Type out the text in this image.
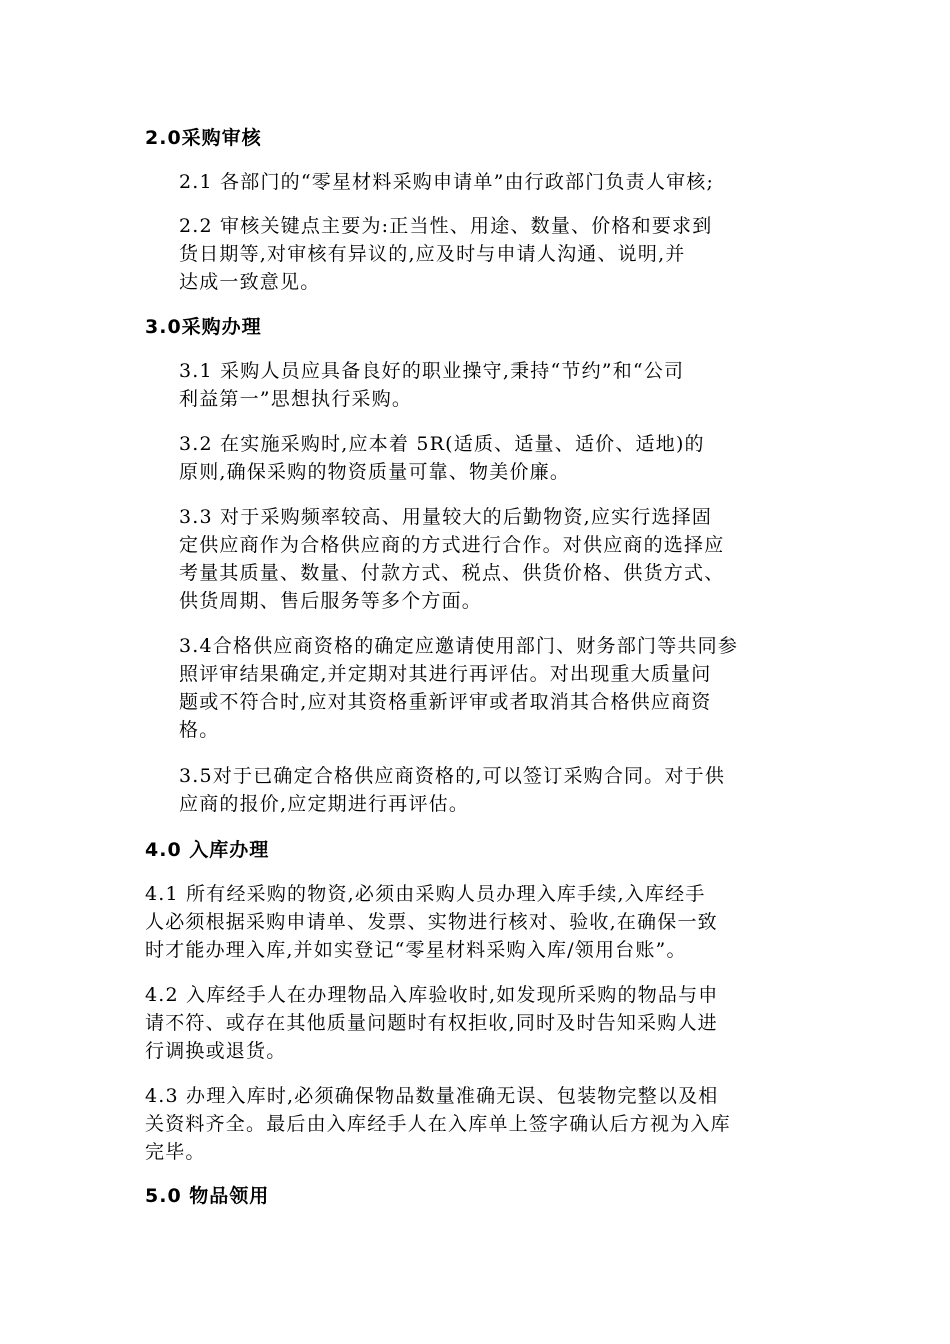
2.0采购审核
2.1 各部门的“零星材料采购申请单”由行政部门负责人审核;
2.2 审核关键点主要为:正当性、用途、数量、价格和要求到
货日期等,对审核有异议的,应及时与申请人沟通、说明,并
达成一致意见。
3.0采购办理
3.1 采购人员应具备良好的职业操守,秉持“节约”和“公司
利益第一”思想执行采购。
3.2 在实施采购时,应本着 5R(适质、适量、适价、适地)的
原则,确保采购的物资质量可靠、物美价廉。
3.3 对于采购频率较高、用量较大的后勤物资,应实行选择固
定供应商作为合格供应商的方式进行合作。对供应商的选择应
考量其质量、数量、付款方式、税点、供货价格、供货方式、
供货周期、售后服务等多个方面。
3.4合格供应商资格的确定应邀请使用部门、财务部门等共同参
照评审结果确定,并定期对其进行再评估。对出现重大质量问
题或不符合时,应对其资格重新评审或者取消其合格供应商资
格。
3.5对于已确定合格供应商资格的,可以签订采购合同。对于供
应商的报价,应定期进行再评估。
4.0 入库办理
4.1 所有经采购的物资,必须由采购人员办理入库手续,入库经手
人必须根据采购申请单、发票、实物进行核对、验收,在确保一致
时才能办理入库,并如实登记“零星材料采购入库/领用台账”。
4.2 入库经手人在办理物品入库验收时,如发现所采购的物品与申
请不符、或存在其他质量问题时有权拒收,同时及时告知采购人进
行调换或退货。
4.3 办理入库时,必须确保物品数量准确无误、包装物完整以及相
关资料齐全。最后由入库经手人在入库单上签字确认后方视为入库
完毕。
5.0 物品领用
